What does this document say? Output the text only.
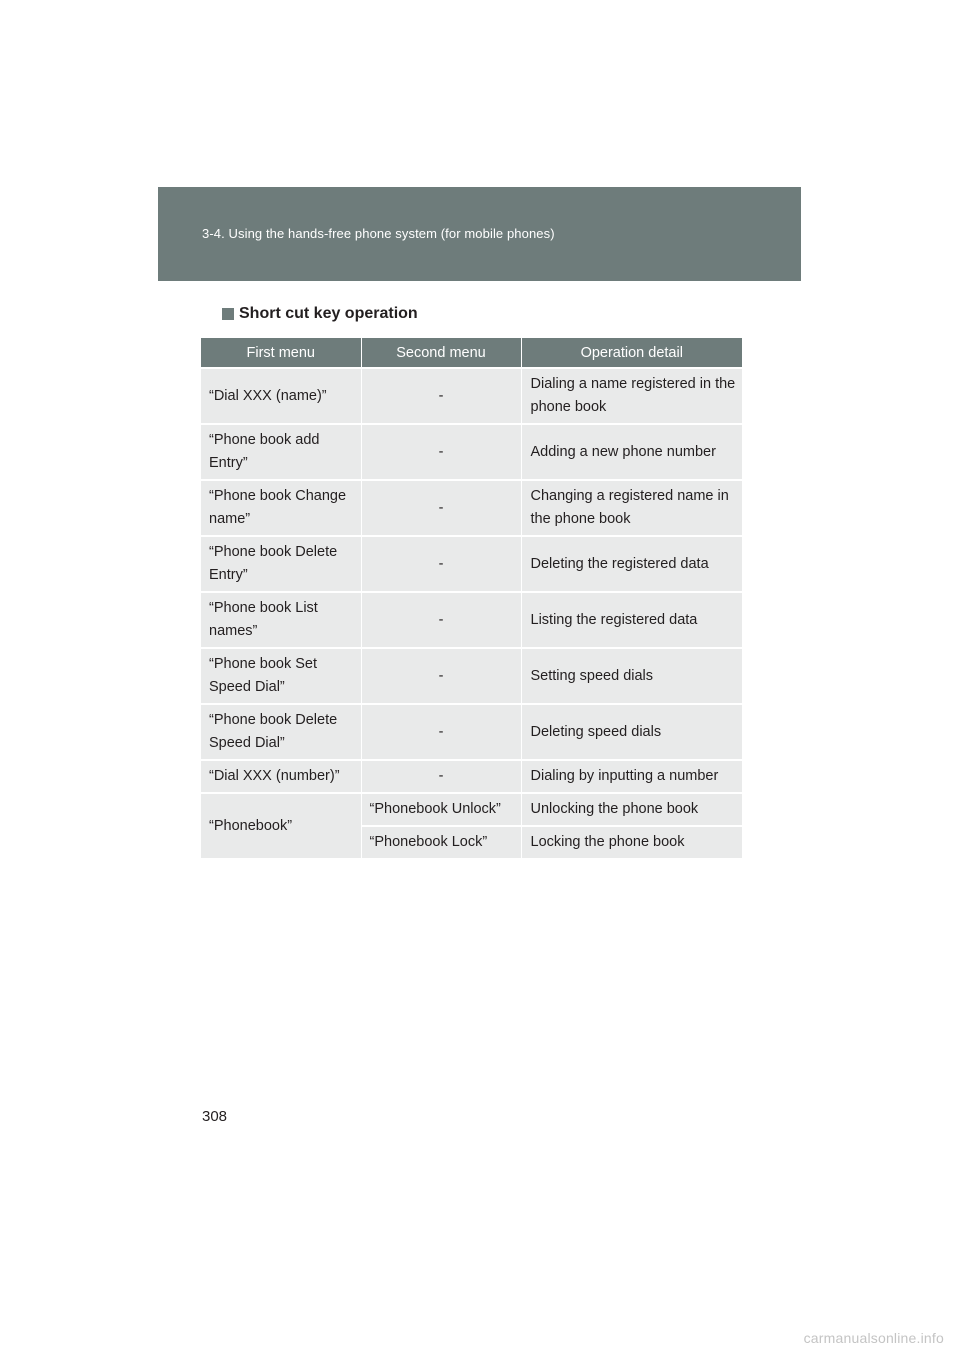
3-4. Using the hands-free phone system (for mobile phones)
Short cut key operation
First menu	Second menu	Operation detail
“Dial XXX (name)”	-	Dialing a name registered in the phone book
“Phone book add Entry”	-	Adding a new phone number
“Phone book Change name”	-	Changing a registered name in the phone book
“Phone book Delete Entry”	-	Deleting the registered data
“Phone book List names”	-	Listing the registered data
“Phone book Set Speed Dial”	-	Setting speed dials
“Phone book Delete Speed Dial”	-	Deleting speed dials
“Dial XXX (number)”	-	Dialing by inputting a number
“Phonebook”	“Phonebook Unlock”	Unlocking the phone book
	“Phonebook Lock”	Locking the phone book
308
carmanualsonline.info
